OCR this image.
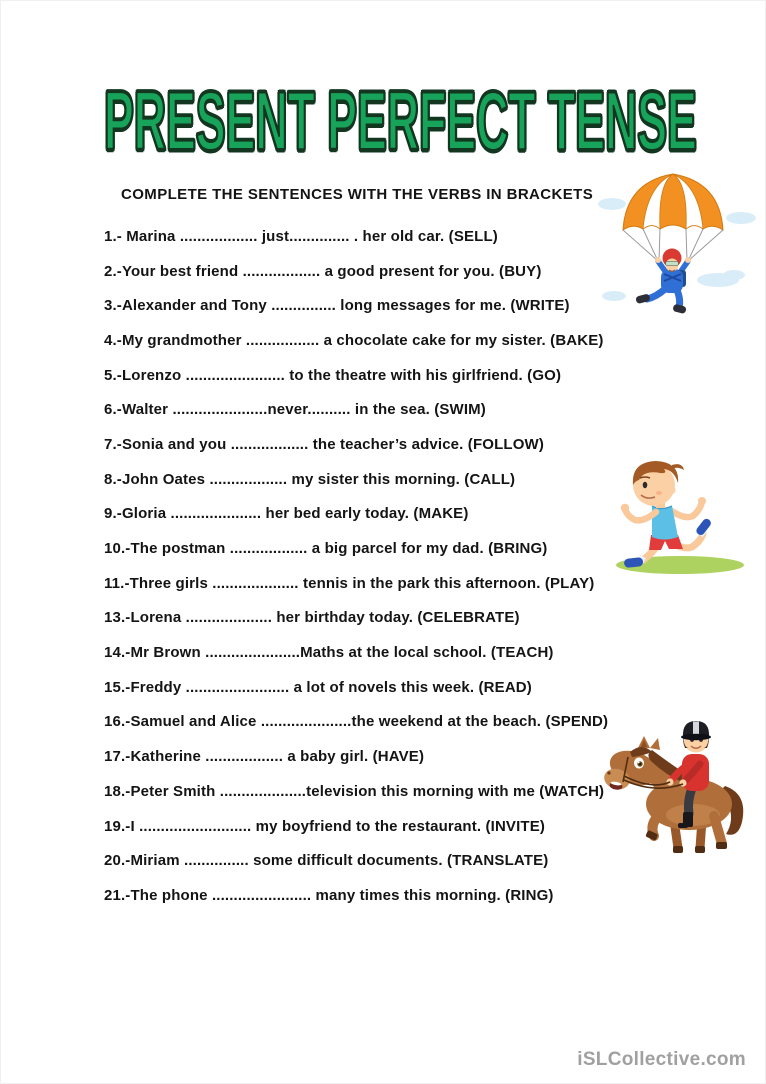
PRESENT PERFECT TENSE
COMPLETE THE SENTENCES WITH THE VERBS IN BRACKETS
1.- Marina .................. just.............. . her old car. (SELL)
2.-Your best friend .................. a good present for you. (BUY)
3.-Alexander and Tony ............... long messages for me. (WRITE)
4.-My grandmother ................. a chocolate cake for my sister. (BAKE)
5.-Lorenzo ....................... to the theatre with his girlfriend. (GO)
6.-Walter ......................never.......... in the sea. (SWIM)
7.-Sonia and you .................. the teacher’s advice. (FOLLOW)
8.-John Oates .................. my sister this morning. (CALL)
9.-Gloria ..................... her bed early today. (MAKE)
10.-The postman .................. a big parcel for my dad. (BRING)
11.-Three girls .................... tennis in the park this afternoon. (PLAY)
13.-Lorena .................... her birthday today. (CELEBRATE)
14.-Mr Brown ......................Maths at the local school. (TEACH)
15.-Freddy ........................ a lot of novels this week. (READ)
16.-Samuel and Alice .....................the weekend at the beach. (SPEND)
17.-Katherine .................. a baby girl. (HAVE)
18.-Peter Smith ....................television this morning with me (WATCH)
19.-I .......................... my boyfriend to the restaurant. (INVITE)
20.-Miriam ............... some difficult documents. (TRANSLATE)
21.-The phone ....................... many times this morning. (RING)
iSLCollective.com
